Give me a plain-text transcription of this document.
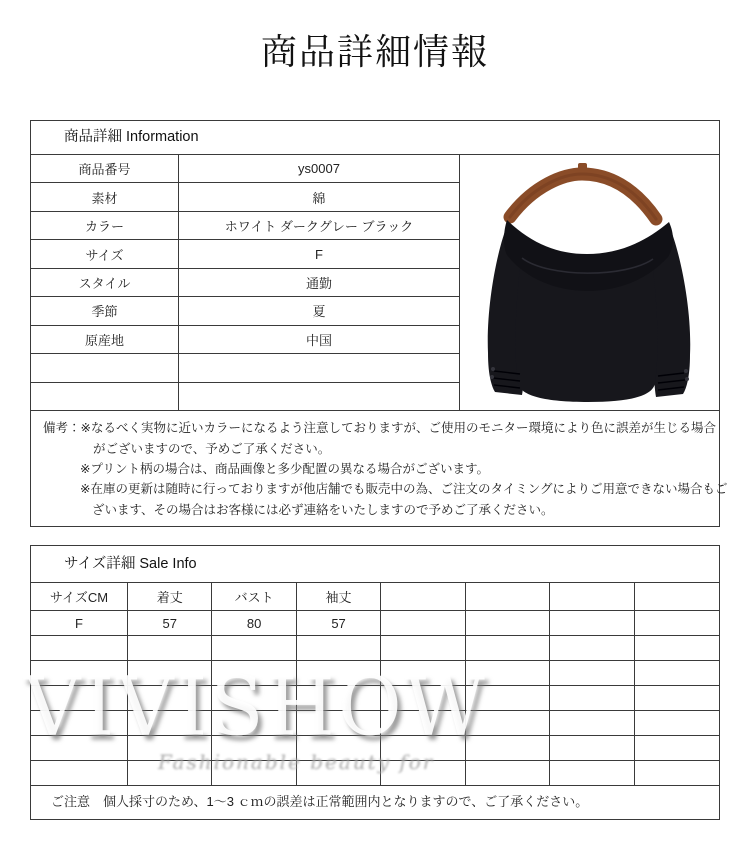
商品詳細情報
商品詳細 Information
商品番号	ys0007
素材	綿
カラー	ホワイト ダークグレー ブラック
サイズ	F
スタイル	通勤
季節	夏
原産地	中国
備考：※なるべく実物に近いカラーになるよう注意しておりますが、ご使用のモニター環境により色に誤差が生じる場合
がございますので、予めご了承ください。
※プリント柄の場合は、商品画像と多少配置の異なる場合がございます。
※在庫の更新は随時に行っておりますが他店舗でも販売中の為、ご注文のタイミングによりご用意できない場合もご
ざいます、その場合はお客様には必ず連絡をいたしますので予めご了承ください。
サイズ詳細 Sale Info
サイズCM	着丈	バスト	袖丈
F	57	80	57
ご注意　個人採寸のため、1～3 ｃｍの誤差は正常範囲内となりますので、ご了承ください。
VIVISHOW
Fashionable beauty for
